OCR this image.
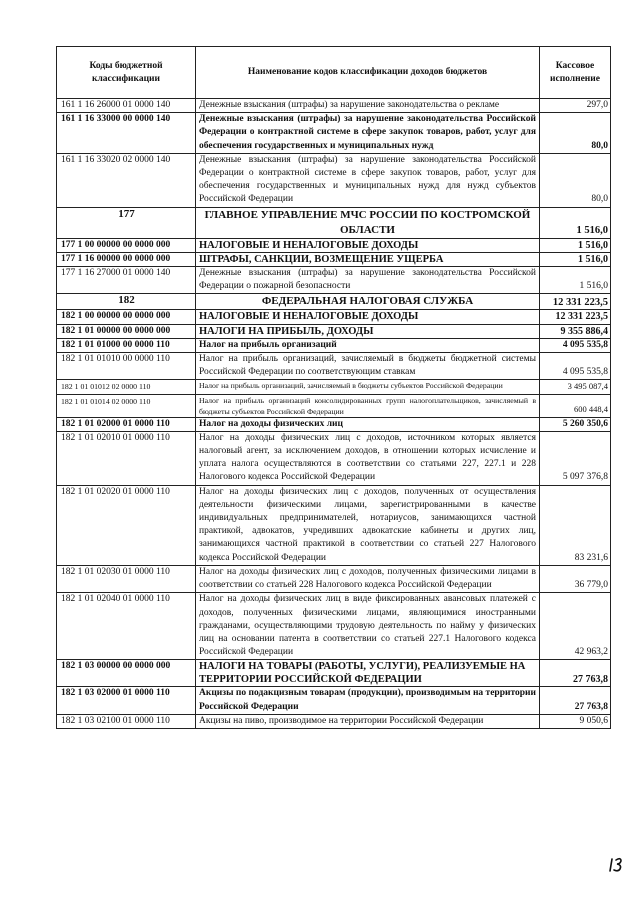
Коды бюджетной классификации	Наименование кодов классификации доходов бюджетов	Кассовое исполнение
161 1 16 26000 01 0000 140	Денежные взыскания (штрафы) за нарушение законодательства о рекламе	297,0
161 1 16 33000 00 0000 140	Денежные взыскания (штрафы) за нарушение законодательства Российской Федерации о контрактной системе в сфере закупок товаров, работ, услуг для обеспечения государственных и муниципальных нужд	80,0
161 1 16 33020 02 0000 140	Денежные взыскания (штрафы) за нарушение законодательства Российской Федерации о контрактной системе в сфере закупок товаров, работ, услуг для обеспечения государственных и муниципальных нужд для нужд субъектов Российской Федерации	80,0
177	ГЛАВНОЕ УПРАВЛЕНИЕ МЧС РОССИИ ПО КОСТРОМСКОЙ ОБЛАСТИ	1 516,0
177 1 00 00000 00 0000 000	НАЛОГОВЫЕ И НЕНАЛОГОВЫЕ ДОХОДЫ	1 516,0
177 1 16 00000 00 0000 000	ШТРАФЫ, САНКЦИИ, ВОЗМЕЩЕНИЕ УЩЕРБА	1 516,0
177 1 16 27000 01 0000 140	Денежные взыскания (штрафы) за нарушение законодательства Российской Федерации о пожарной безопасности	1 516,0
182	ФЕДЕРАЛЬНАЯ НАЛОГОВАЯ СЛУЖБА	12 331 223,5
182 1 00 00000 00 0000 000	НАЛОГОВЫЕ И НЕНАЛОГОВЫЕ ДОХОДЫ	12 331 223,5
182 1 01 00000 00 0000 000	НАЛОГИ НА ПРИБЫЛЬ, ДОХОДЫ	9 355 886,4
182 1 01 01000 00 0000 110	Налог на прибыль организаций	4 095 535,8
182 1 01 01010 00 0000 110	Налог на прибыль организаций, зачисляемый в бюджеты бюджетной системы Российской Федерации по соответствующим ставкам	4 095 535,8
182 1 01 01012 02 0000 110	Налог на прибыль организаций, зачисляемый в бюджеты субъектов Российской Федерации	3 495 087,4
182 1 01 01014 02 0000 110	Налог на прибыль организаций консолидированных групп налогоплательщиков, зачисляемый в бюджеты субъектов Российской Федерации	600 448,4
182 1 01 02000 01 0000 110	Налог на доходы физических лиц	5 260 350,6
182 1 01 02010 01 0000 110	Налог на доходы физических лиц с доходов, источником которых является налоговый агент, за исключением доходов, в отношении которых исчисление и уплата налога осуществляются в соответствии со статьями 227, 227.1 и 228 Налогового кодекса Российской Федерации	5 097 376,8
182 1 01 02020 01 0000 110	Налог на доходы физических лиц с доходов, полученных от осуществления деятельности физическими лицами, зарегистрированными в качестве индивидуальных предпринимателей, нотариусов, занимающихся частной практикой, адвокатов, учредивших адвокатские кабинеты и других лиц, занимающихся частной практикой в соответствии со статьей 227 Налогового кодекса Российской Федерации	83 231,6
182 1 01 02030 01 0000 110	Налог на доходы физических лиц с доходов, полученных физическими лицами в соответствии со статьей 228 Налогового кодекса Российской Федерации	36 779,0
182 1 01 02040 01 0000 110	Налог на доходы физических лиц в виде фиксированных авансовых платежей с доходов, полученных физическими лицами, являющимися иностранными гражданами, осуществляющими трудовую деятельность по найму у физических лиц на основании патента в соответствии со статьей 227.1 Налогового кодекса Российской Федерации	42 963,2
182 1 03 00000 00 0000 000	НАЛОГИ НА ТОВАРЫ (РАБОТЫ, УСЛУГИ), РЕАЛИЗУЕМЫЕ НА ТЕРРИТОРИИ РОССИЙСКОЙ ФЕДЕРАЦИИ	27 763,8
182 1 03 02000 01 0000 110	Акцизы по подакцизным товарам (продукции), производимым на территории Российской Федерации	27 763,8
182 1 03 02100 01 0000 110	Акцизы на пиво, производимое на территории Российской Федерации	9 050,6
